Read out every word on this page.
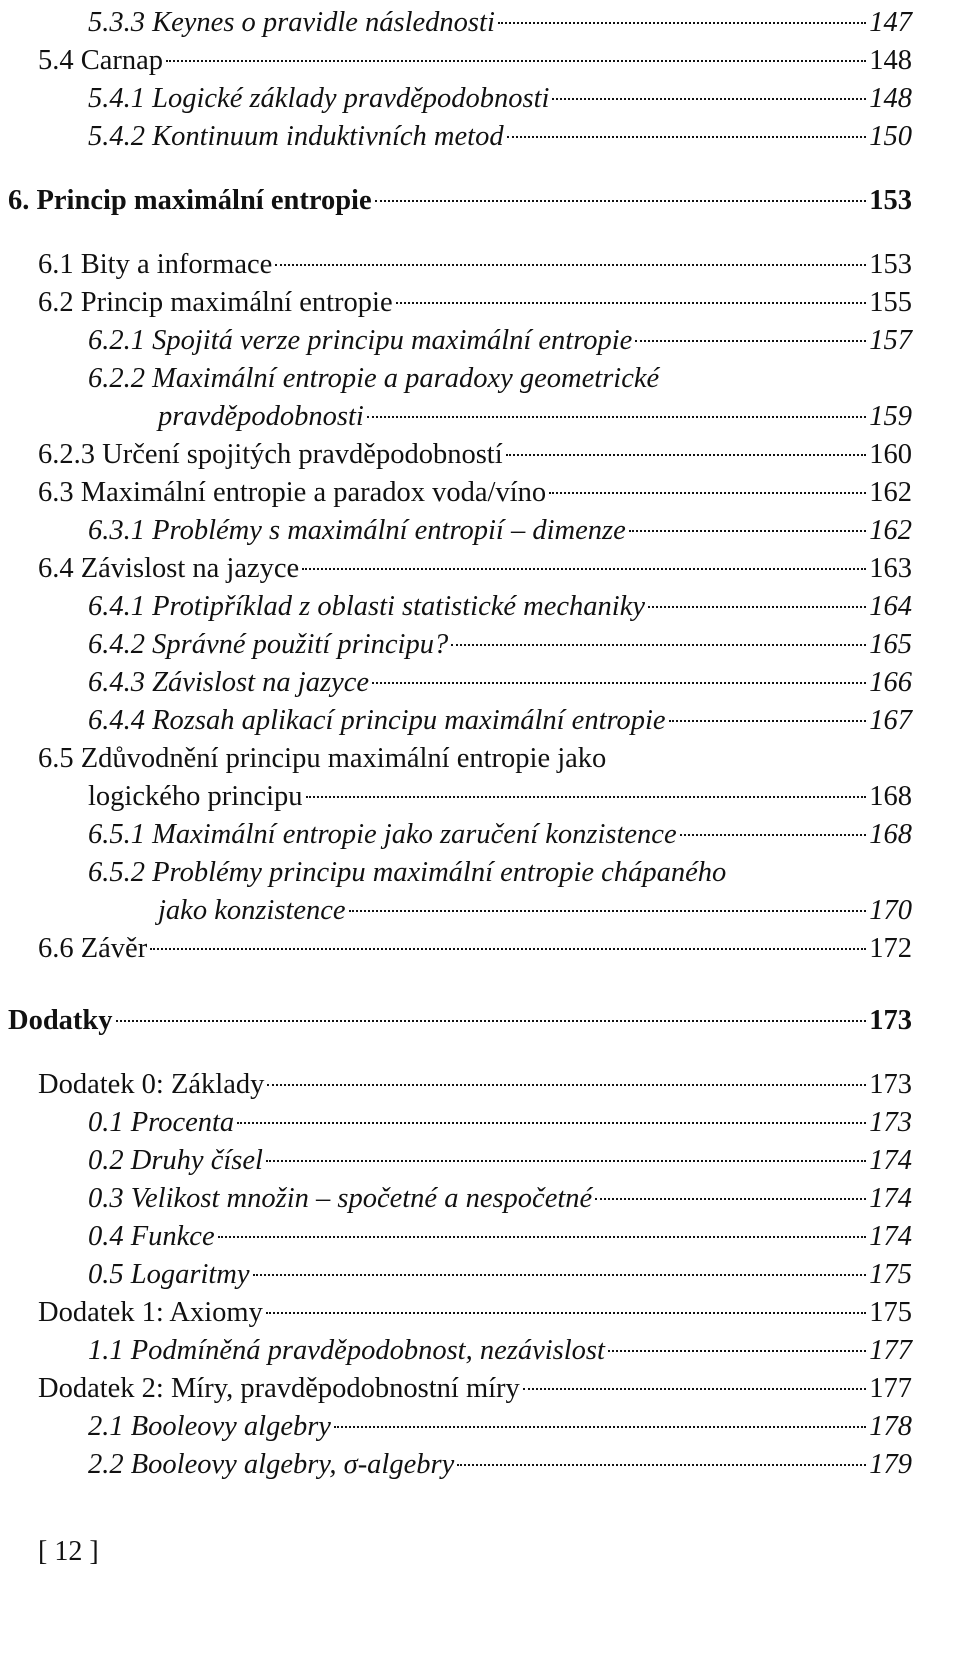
5.3.3 Keynes o pravidle následnosti	147
5.4 Carnap	148
5.4.1 Logické základy pravděpodobnosti	148
5.4.2 Kontinuum induktivních metod	150
6. Princip maximální entropie	153
6.1 Bity a informace	153
6.2 Princip maximální entropie	155
6.2.1 Spojitá verze principu maximální entropie	157
6.2.2 Maximální entropie a paradoxy geometrické
pravděpodobnosti	159
6.2.3 Určení spojitých pravděpodobností	160
6.3 Maximální entropie a paradox voda/víno	162
6.3.1 Problémy s maximální entropií – dimenze	162
6.4 Závislost na jazyce	163
6.4.1 Protipříklad z oblasti statistické mechaniky	164
6.4.2 Správné použití principu?	165
6.4.3 Závislost na jazyce	166
6.4.4 Rozsah aplikací principu maximální entropie	167
6.5 Zdůvodnění principu maximální entropie jako
logického principu	168
6.5.1 Maximální entropie jako zaručení konzistence	168
6.5.2 Problémy principu maximální entropie chápaného
jako konzistence	170
6.6 Závěr	172
Dodatky	173
Dodatek 0: Základy	173
0.1 Procenta	173
0.2 Druhy čísel	174
0.3 Velikost množin – spočetné a nespočetné	174
0.4 Funkce	174
0.5 Logaritmy	175
Dodatek 1: Axiomy	175
1.1 Podmíněná pravděpodobnost, nezávislost	177
Dodatek 2: Míry, pravděpodobnostní míry	177
2.1 Booleovy algebry	178
2.2 Booleovy algebry, σ-algebry	179
[ 12 ]
